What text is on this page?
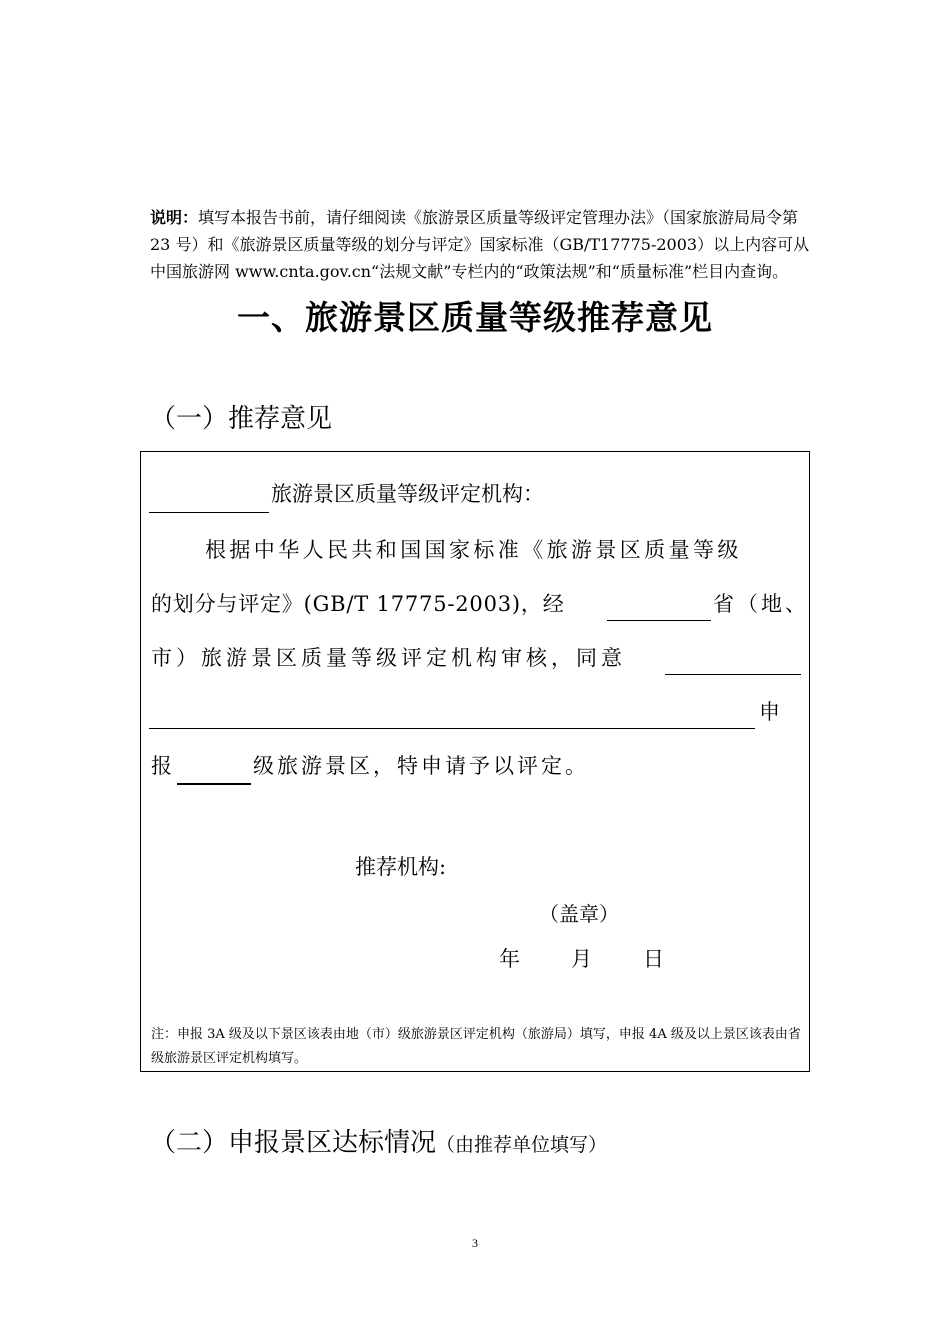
说明：填写本报告书前，请仔细阅读《旅游景区质量等级评定管理办法》（国家旅游局局令第 23 号）和《旅游景区质量等级的划分与评定》国家标准（GB/T17775-2003）以上内容可从中国旅游网 www.cnta.gov.cn“法规文献”专栏内的“政策法规”和“质量标准”栏目内查询。
一、旅游景区质量等级推荐意见
（一）推荐意见
旅游景区质量等级评定机构：
根据中华人民共和国国家标准《旅游景区质量等级
的划分与评定》(GB/T 17775-2003)，经	省（地、
市）旅游景区质量等级评定机构审核，同意
申
报	级旅游景区，特申请予以评定。
推荐机构:
（盖章）
年 月 日
注：申报 3A 级及以下景区该表由地（市）级旅游景区评定机构（旅游局）填写，申报 4A 级及以上景区该表由省级旅游景区评定机构填写。
（二）申报景区达标情况（由推荐单位填写）
3
